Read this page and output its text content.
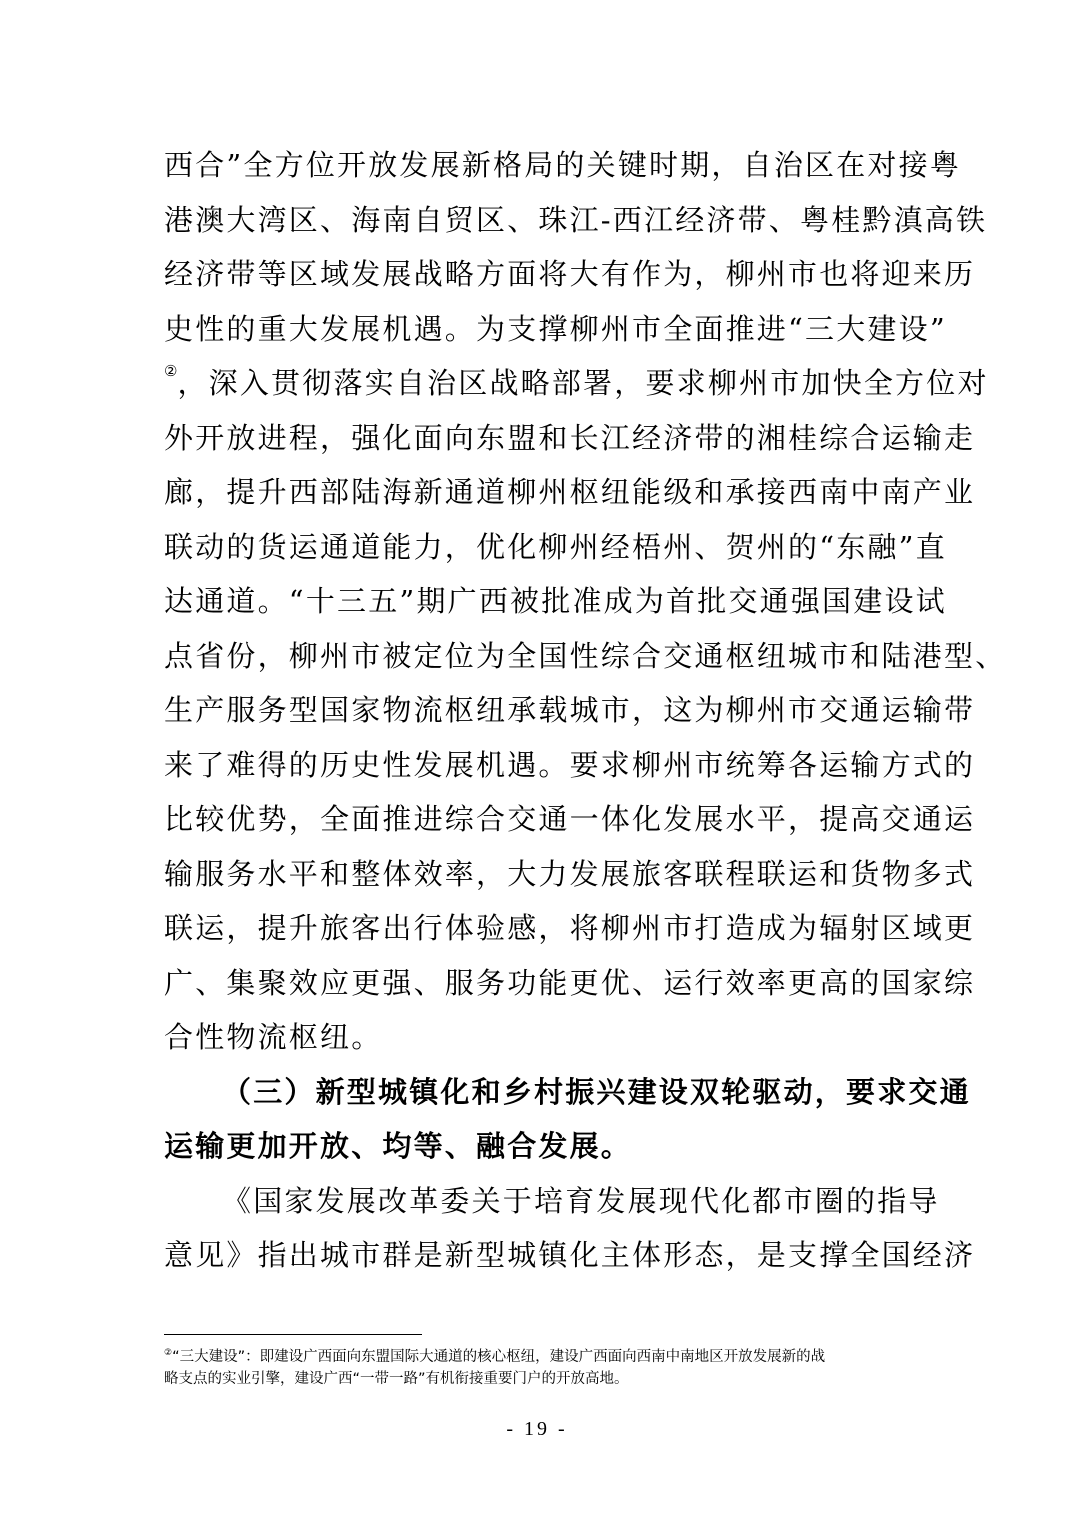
西合”全方位开放发展新格局的关键时期，自治区在对接粤
港澳大湾区、海南自贸区、珠江-西江经济带、粤桂黔滇高铁
经济带等区域发展战略方面将大有作为，柳州市也将迎来历
史性的重大发展机遇。为支撑柳州市全面推进“三大建设”
②，深入贯彻落实自治区战略部署，要求柳州市加快全方位对
外开放进程，强化面向东盟和长江经济带的湘桂综合运输走
廊，提升西部陆海新通道柳州枢纽能级和承接西南中南产业
联动的货运通道能力，优化柳州经梧州、贺州的“东融”直
达通道。“十三五”期广西被批准成为首批交通强国建设试
点省份，柳州市被定位为全国性综合交通枢纽城市和陆港型、
生产服务型国家物流枢纽承载城市，这为柳州市交通运输带
来了难得的历史性发展机遇。要求柳州市统筹各运输方式的
比较优势，全面推进综合交通一体化发展水平，提高交通运
输服务水平和整体效率，大力发展旅客联程联运和货物多式
联运，提升旅客出行体验感，将柳州市打造成为辐射区域更
广、集聚效应更强、服务功能更优、运行效率更高的国家综
合性物流枢纽。
（三）新型城镇化和乡村振兴建设双轮驱动，要求交通
运输更加开放、均等、融合发展。
《国家发展改革委关于培育发展现代化都市圈的指导
意见》指出城市群是新型城镇化主体形态，是支撑全国经济
②“三大建设”：即建设广西面向东盟国际大通道的核心枢纽，建设广西面向西南中南地区开放发展新的战
略支点的实业引擎，建设广西“一带一路”有机衔接重要门户的开放高地。
- 19 -
